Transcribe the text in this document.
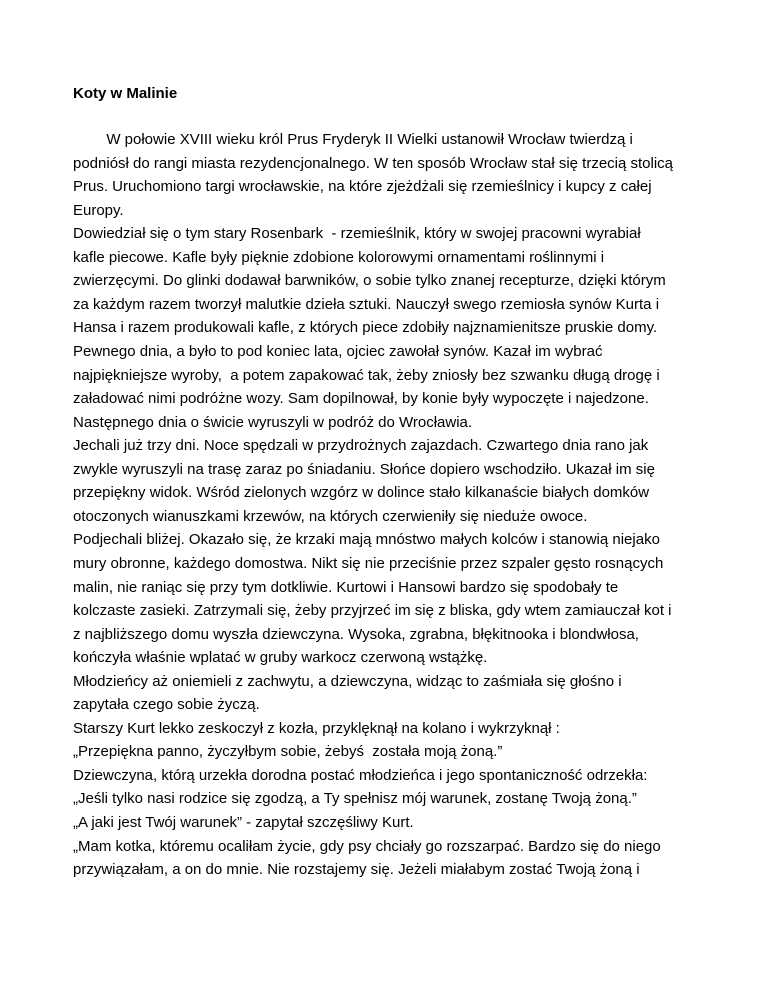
Koty w Malinie
W połowie XVIII wieku król Prus Fryderyk II Wielki ustanowił Wrocław twierdzą i
podniósł do rangi miasta rezydencjonalnego. W ten sposób Wrocław stał się trzecią stolicą
Prus. Uruchomiono targi wrocławskie, na które zjeżdżali się rzemieślnicy i kupcy z całej
Europy.
Dowiedział się o tym stary Rosenbark  - rzemieślnik, który w swojej pracowni wyrabiał
kafle piecowe. Kafle były pięknie zdobione kolorowymi ornamentami roślinnymi i
zwierzęcymi. Do glinki dodawał barwników, o sobie tylko znanej recepturze, dzięki którym
za każdym razem tworzył malutkie dzieła sztuki. Nauczył swego rzemiosła synów Kurta i
Hansa i razem produkowali kafle, z których piece zdobiły najznamienitsze pruskie domy.
Pewnego dnia, a było to pod koniec lata, ojciec zawołał synów. Kazał im wybrać
najpiękniejsze wyroby,  a potem zapakować tak, żeby zniosły bez szwanku długą drogę i
załadować nimi podróżne wozy. Sam dopilnował, by konie były wypoczęte i najedzone.
Następnego dnia o świcie wyruszyli w podróż do Wrocławia.
Jechali już trzy dni. Noce spędzali w przydrożnych zajazdach. Czwartego dnia rano jak
zwykle wyruszyli na trasę zaraz po śniadaniu. Słońce dopiero wschodziło. Ukazał im się
przepiękny widok. Wśród zielonych wzgórz w dolince stało kilkanaście białych domków
otoczonych wianuszkami krzewów, na których czerwieniły się nieduże owoce.
Podjechali bliżej. Okazało się, że krzaki mają mnóstwo małych kolców i stanowią niejako
mury obronne, każdego domostwa. Nikt się nie przeciśnie przez szpaler gęsto rosnących
malin, nie raniąc się przy tym dotkliwie. Kurtowi i Hansowi bardzo się spodobały te
kolczaste zasieki. Zatrzymali się, żeby przyjrzeć im się z bliska, gdy wtem zamiauczał kot i
z najbliższego domu wyszła dziewczyna. Wysoka, zgrabna, błękitnooka i blondwłosa,
kończyła właśnie wplatać w gruby warkocz czerwoną wstążkę.
Młodzieńcy aż oniemieli z zachwytu, a dziewczyna, widząc to zaśmiała się głośno i
zapytała czego sobie życzą.
Starszy Kurt lekko zeskoczył z kozła, przyklęknął na kolano i wykrzyknął :
„Przepiękna panno, życzyłbym sobie, żebyś  została moją żoną.”
Dziewczyna, którą urzekła dorodna postać młodzieńca i jego spontaniczność odrzekła:
„Jeśli tylko nasi rodzice się zgodzą, a Ty spełnisz mój warunek, zostanę Twoją żoną.”
„A jaki jest Twój warunek” - zapytał szczęśliwy Kurt.
„Mam kotka, któremu ocaliłam życie, gdy psy chciały go rozszarpać. Bardzo się do niego
przywiązałam, a on do mnie. Nie rozstajemy się. Jeżeli miałabym zostać Twoją żoną i
